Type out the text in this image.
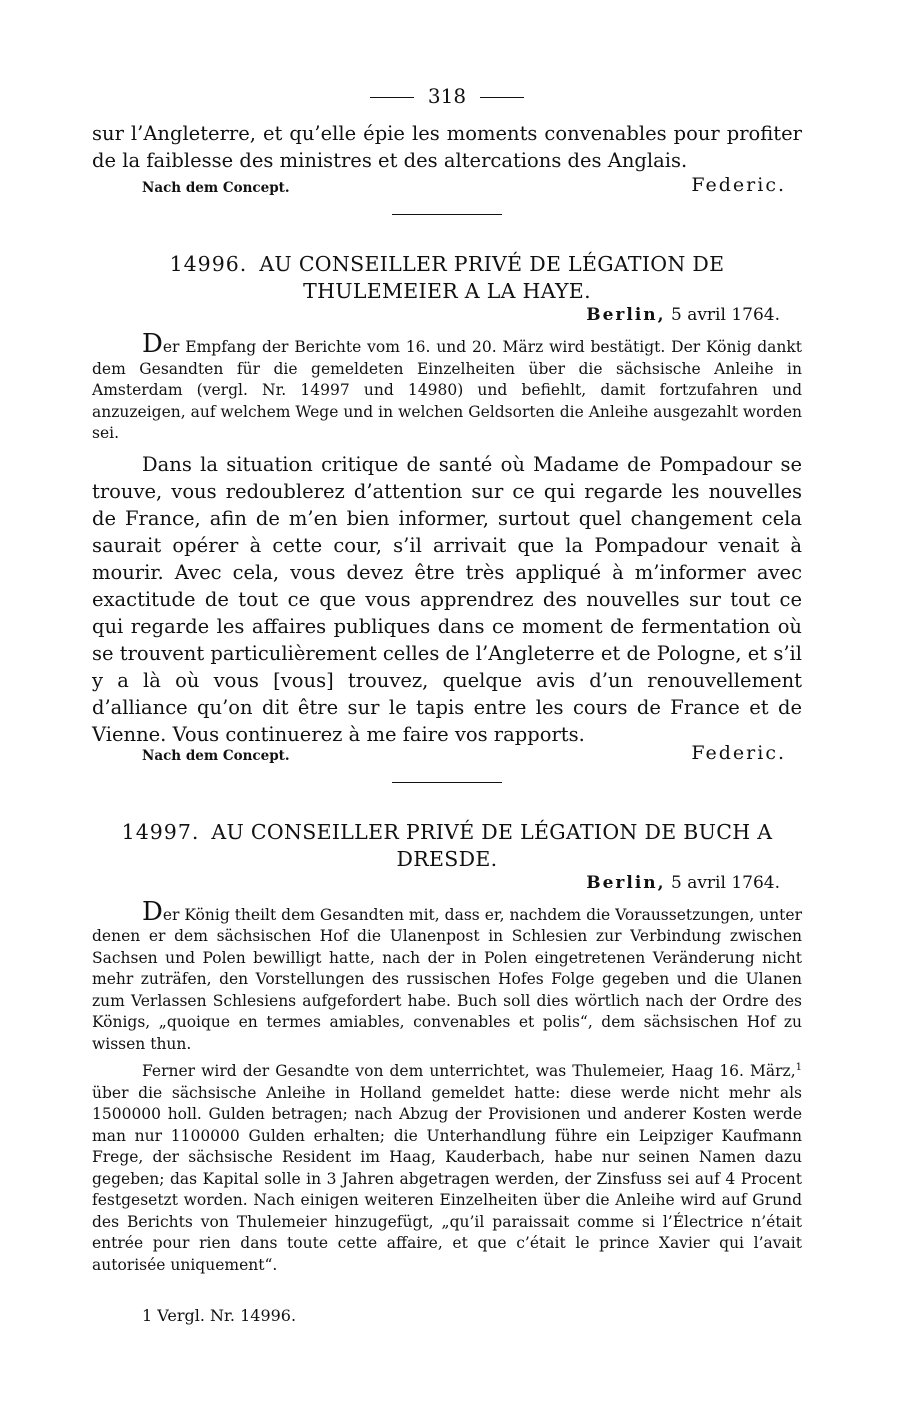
318

sur l’Angleterre, et qu’elle épie les moments convenables pour profiter de la faiblesse des ministres et des altercations des Anglais.

Nach dem Concept.	Federic.
14996. AU CONSEILLER PRIVÉ DE LÉGATION DE THULEMEIER A LA HAYE.
Berlin, 5 avril 1764.

Der Empfang der Berichte vom 16. und 20. März wird bestätigt. Der König dankt dem Gesandten für die gemeldeten Einzelheiten über die sächsische Anleihe in Amsterdam (vergl. Nr. 14997 und 14980) und befiehlt, damit fortzufahren und anzuzeigen, auf welchem Wege und in welchen Geldsorten die Anleihe ausgezahlt worden sei.

Dans la situation critique de santé où Madame de Pompadour se trouve, vous redoublerez d’attention sur ce qui regarde les nouvelles de France, afin de m’en bien informer, surtout quel changement cela saurait opérer à cette cour, s’il arrivait que la Pompadour venait à mourir. Avec cela, vous devez être très appliqué à m’informer avec exactitude de tout ce que vous apprendrez des nouvelles sur tout ce qui regarde les affaires publiques dans ce moment de fermentation où se trouvent particulièrement celles de l’Angleterre et de Pologne, et s’il y a là où vous [vous] trouvez, quelque avis d’un renouvellement d’alliance qu’on dit être sur le tapis entre les cours de France et de Vienne. Vous continuerez à me faire vos rapports.

Nach dem Concept.	Federic.
14997. AU CONSEILLER PRIVÉ DE LÉGATION DE BUCH A DRESDE.
Berlin, 5 avril 1764.

Der König theilt dem Gesandten mit, dass er, nachdem die Voraussetzungen, unter denen er dem sächsischen Hof die Ulanenpost in Schlesien zur Verbindung zwischen Sachsen und Polen bewilligt hatte, nach der in Polen eingetretenen Veränderung nicht mehr zuträfen, den Vorstellungen des russischen Hofes Folge gegeben und die Ulanen zum Verlassen Schlesiens aufgefordert habe. Buch soll dies wörtlich nach der Ordre des Königs, „quoique en termes amiables, convenables et polis“, dem sächsischen Hof zu wissen thun.

Ferner wird der Gesandte von dem unterrichtet, was Thulemeier, Haag 16. März,$^1$ über die sächsische Anleihe in Holland gemeldet hatte: diese werde nicht mehr als 1500000 holl. Gulden betragen; nach Abzug der Provisionen und anderer Kosten werde man nur 1100000 Gulden erhalten; die Unterhandlung führe ein Leipziger Kaufmann Frege, der sächsische Resident im Haag, Kauderbach, habe nur seinen Namen dazu gegeben; das Kapital solle in 3 Jahren abgetragen werden, der Zinsfuss sei auf 4 Procent festgesetzt worden. Nach einigen weiteren Einzelheiten über die Anleihe wird auf Grund des Berichts von Thulemeier hinzugefügt, „qu’il paraissait comme si l’Électrice n’était entrée pour rien dans toute cette affaire, et que c’était le prince Xavier qui l’avait autorisée uniquement“.

1 Vergl. Nr. 14996.
